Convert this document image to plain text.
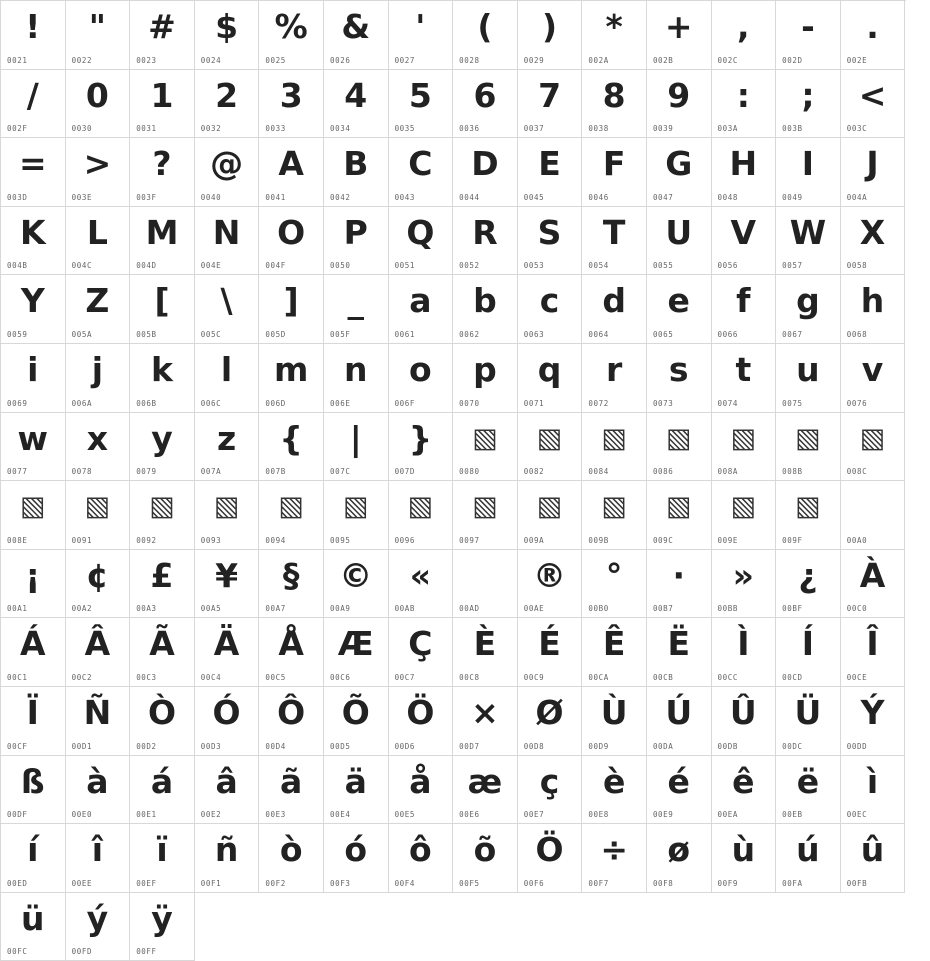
!
0021
"
0022
#
0023
$
0024
%
0025
&
0026
'
0027
(
0028
)
0029
*
002A
+
002B
,
002C
-
002D
.
002E
/
002F
0
0030
1
0031
2
0032
3
0033
4
0034
5
0035
6
0036
7
0037
8
0038
9
0039
:
003A
;
003B
<
003C
=
003D
>
003E
?
003F
@
0040
A
0041
B
0042
C
0043
D
0044
E
0045
F
0046
G
0047
H
0048
I
0049
J
004A
K
004B
L
004C
M
004D
N
004E
O
004F
P
0050
Q
0051
R
0052
S
0053
T
0054
U
0055
V
0056
W
0057
X
0058
Y
0059
Z
005A
[
005B
\
005C
]
005D
_
005F
a
0061
b
0062
c
0063
d
0064
e
0065
f
0066
g
0067
h
0068
i
0069
j
006A
k
006B
l
006C
m
006D
n
006E
o
006F
p
0070
q
0071
r
0072
s
0073
t
0074
u
0075
v
0076
w
0077
x
0078
y
0079
z
007A
{
007B
|
007C
}
007D
▧
0080
▧
0082
▧
0084
▧
0086
▧
008A
▧
008B
▧
008C
▧
008E
▧
0091
▧
0092
▧
0093
▧
0094
▧
0095
▧
0096
▧
0097
▧
009A
▧
009B
▧
009C
▧
009E
▧
009F	00A0
¡
00A1
¢
00A2
£
00A3
¥
00A5
§
00A7
©
00A9
«
00AB	00AD
®
00AE
°
00B0
·
00B7
»
00BB
¿
00BF
À
00C0
Á
00C1
Â
00C2
Ã
00C3
Ä
00C4
Å
00C5
Æ
00C6
Ç
00C7
È
00C8
É
00C9
Ê
00CA
Ë
00CB
Ì
00CC
Í
00CD
Î
00CE
Ï
00CF
Ñ
00D1
Ò
00D2
Ó
00D3
Ô
00D4
Õ
00D5
Ö
00D6
×
00D7
Ø
00D8
Ù
00D9
Ú
00DA
Û
00DB
Ü
00DC
Ý
00DD
ß
00DF
à
00E0
á
00E1
â
00E2
ã
00E3
ä
00E4
å
00E5
æ
00E6
ç
00E7
è
00E8
é
00E9
ê
00EA
ë
00EB
ì
00EC
í
00ED
î
00EE
ï
00EF
ñ
00F1
ò
00F2
ó
00F3
ô
00F4
õ
00F5
Ö
00F6
÷
00F7
ø
00F8
ù
00F9
ú
00FA
û
00FB
ü
00FC
ý
00FD
ÿ
00FF
